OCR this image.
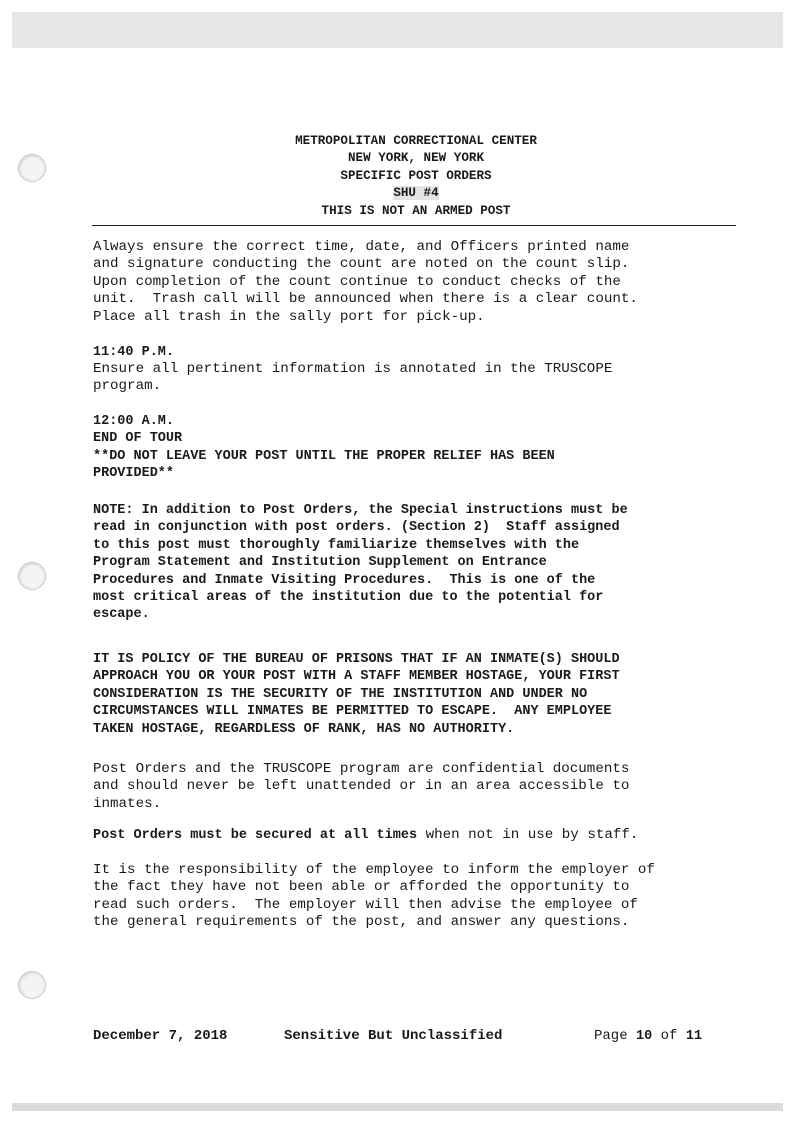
METROPOLITAN CORRECTIONAL CENTER
NEW YORK, NEW YORK
SPECIFIC POST ORDERS
SHU #4
THIS IS NOT AN ARMED POST
Always ensure the correct time, date, and Officers printed name
and signature conducting the count are noted on the count slip.
Upon completion of the count continue to conduct checks of the
unit.  Trash call will be announced when there is a clear count.
Place all trash in the sally port for pick-up.
11:40 P.M.
Ensure all pertinent information is annotated in the TRUSCOPE
program.
12:00 A.M.
END OF TOUR
**DO NOT LEAVE YOUR POST UNTIL THE PROPER RELIEF HAS BEEN
PROVIDED**
NOTE: In addition to Post Orders, the Special instructions must be
read in conjunction with post orders. (Section 2)  Staff assigned
to this post must thoroughly familiarize themselves with the
Program Statement and Institution Supplement on Entrance
Procedures and Inmate Visiting Procedures.  This is one of the
most critical areas of the institution due to the potential for
escape.
IT IS POLICY OF THE BUREAU OF PRISONS THAT IF AN INMATE(S) SHOULD
APPROACH YOU OR YOUR POST WITH A STAFF MEMBER HOSTAGE, YOUR FIRST
CONSIDERATION IS THE SECURITY OF THE INSTITUTION AND UNDER NO
CIRCUMSTANCES WILL INMATES BE PERMITTED TO ESCAPE.  ANY EMPLOYEE
TAKEN HOSTAGE, REGARDLESS OF RANK, HAS NO AUTHORITY.
Post Orders and the TRUSCOPE program are confidential documents
and should never be left unattended or in an area accessible to
inmates.
Post Orders must be secured at all times when not in use by staff.
It is the responsibility of the employee to inform the employer of
the fact they have not been able or afforded the opportunity to
read such orders.  The employer will then advise the employee of
the general requirements of the post, and answer any questions.
December 7, 2018	Sensitive But Unclassified	Page 10 of 11
